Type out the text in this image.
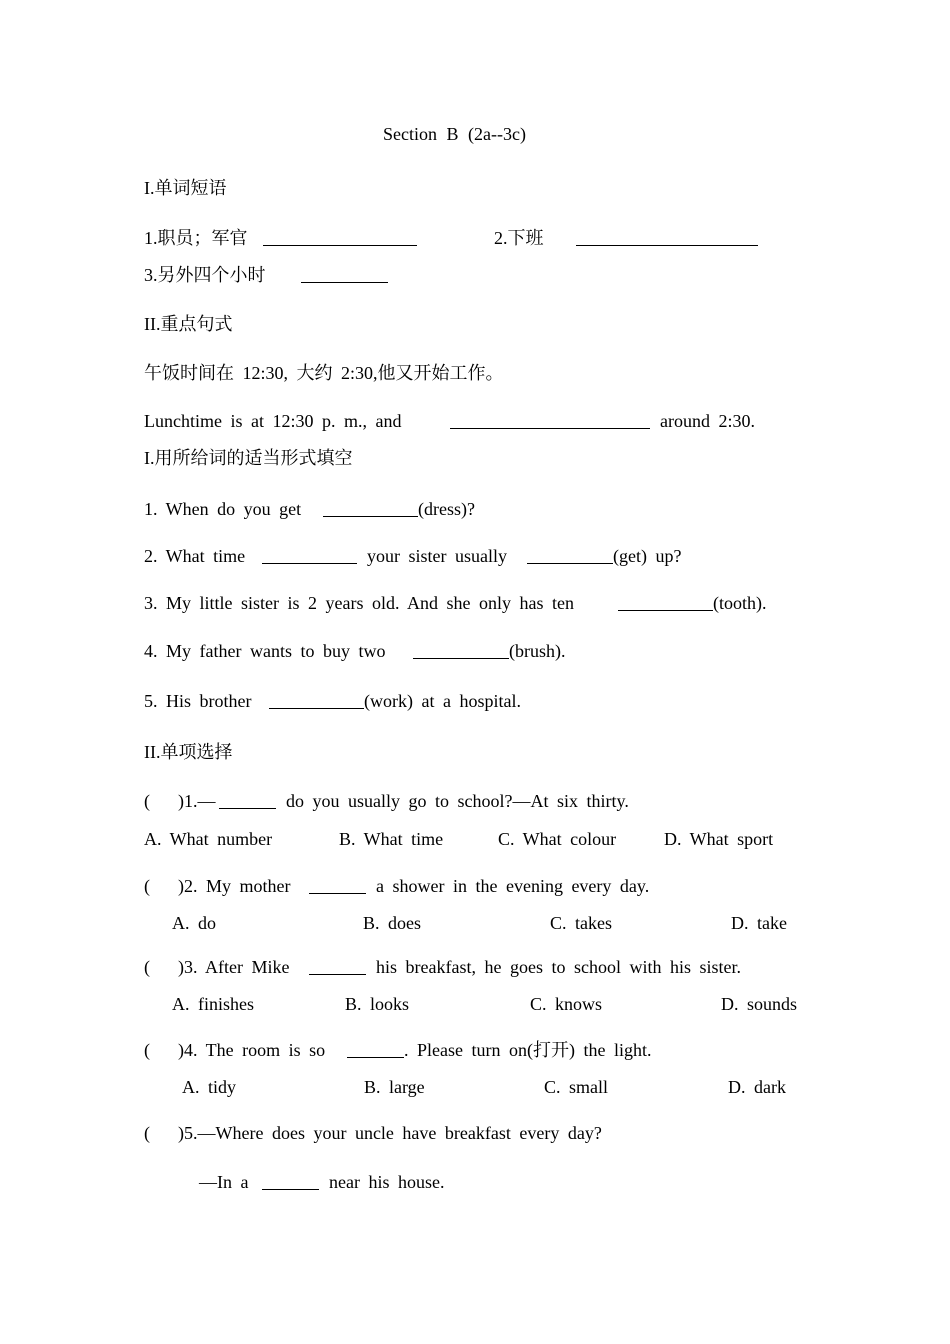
Section B (2a--3c)
I.单词短语
1.职员；军官	2.下班
3.另外四个小时
II.重点句式
午饭时间在 12:30, 大约 2:30,他又开始工作。
Lunchtime is at 12:30 p. m., and	around 2:30.
I.用所给词的适当形式填空
1. When do you get	(dress)?
2. What time	your sister usually	(get) up?
3. My little sister is 2 years old. And she only has ten	(tooth).
4. My father wants to buy two	(brush).
5. His brother	(work) at a hospital.
II.单项选择
( )1.—	do you usually go to school?—At six thirty.
A. What number	B. What time	C. What colour	D. What sport
( )2. My mother	a shower in the evening every day.
A. do	B. does	C. takes	D. take
( )3. After Mike	his breakfast, he goes to school with his sister.
A. finishes	B. looks	C. knows	D. sounds
( )4. The room is so	. Please turn on(打开) the light.
A. tidy	B. large	C. small	D. dark
( )5.—Where does your uncle have breakfast every day?
—In a	near his house.
